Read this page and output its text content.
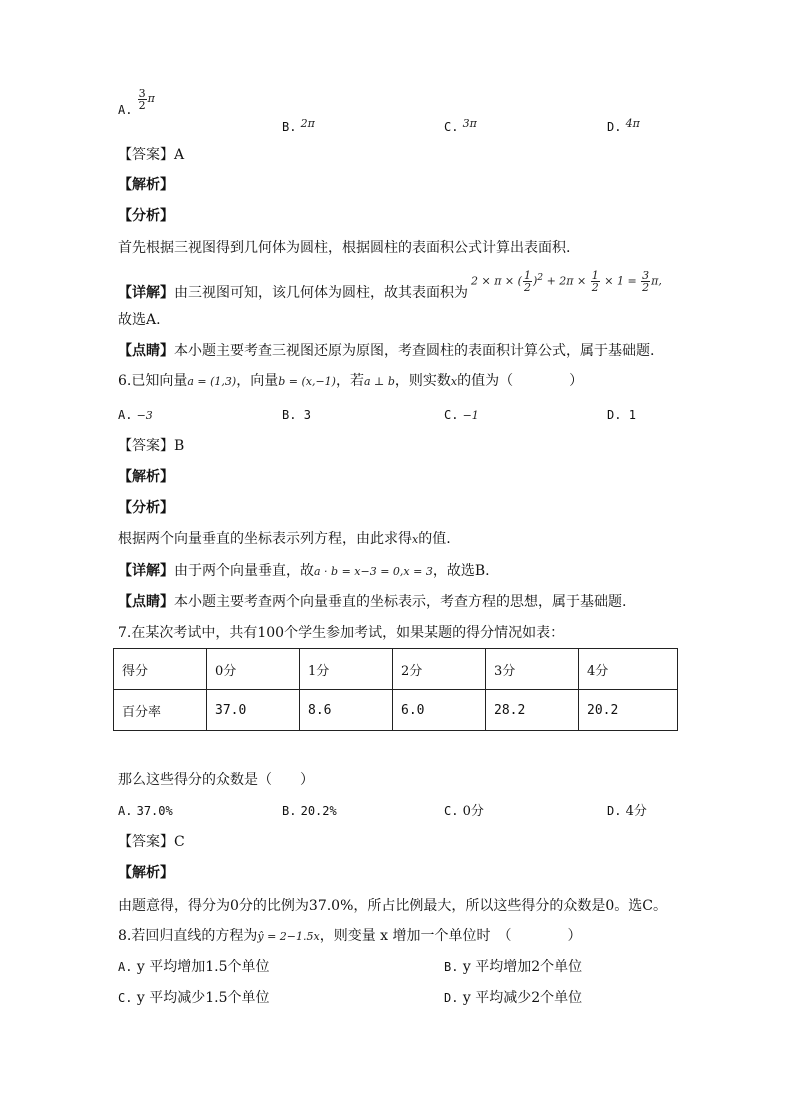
A. $\frac{3}{2} ^\pi$
B. $^{2\pi}$	C. $^{3\pi}$	D. $^{4\pi}$
【答案】A
【解析】
【分析】
首先根据三视图得到几何体为圆柱，根据圆柱的表面积公式计算出表面积.
【详解】由三视图可知，该几何体为圆柱，故其表面积为
2 × π × ( $\frac{1}{2} )^2 + 2\pi \times \frac{1}{2} \times 1 = \frac{3}{2} \pi$,
故选A.
【点睛】本小题主要考查三视图还原为原图，考查圆柱的表面积计算公式，属于基础题.
6.已知向量a = (1,3)，向量b = (x,−1)，若a ⊥ b，则实数x的值为（　　　　）
A. −3	B. 3	C. −1	D. 1
【答案】B
【解析】
【分析】
根据两个向量垂直的坐标表示列方程，由此求得x的值.
【详解】由于两个向量垂直，故a · b = x−3 = 0,x = 3，故选B.
【点睛】本小题主要考查两个向量垂直的坐标表示，考查方程的思想，属于基础题.
7.在某次考试中，共有100个学生参加考试，如果某题的得分情况如表：
得分	0分	1分	2分	3分	4分
百分率	37.0	8.6	6.0	28.2	20.2
那么这些得分的众数是（　　）
A. 37.0%	B. 20.2%	C. 0分	D. 4分
【答案】C
【解析】
由题意得，得分为0分的比例为37.0%，所占比例最大，所以这些得分的众数是0。选C。
8.若回归直线的方程为ŷ = 2−1.5x，则变量 x 增加一个单位时　（　　　　）
A. y 平均增加1.5个单位	B. y 平均增加2个单位
C. y 平均减少1.5个单位	D. y 平均减少2个单位
